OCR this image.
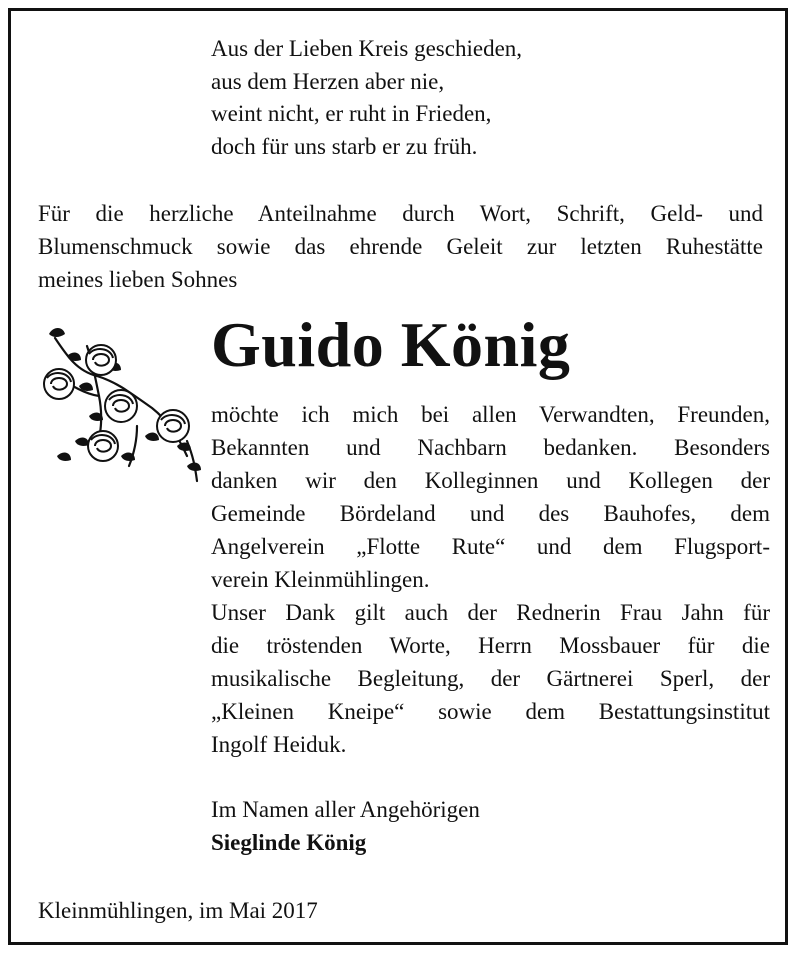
Aus der Lieben Kreis geschieden,
aus dem Herzen aber nie,
weint nicht, er ruht in Frieden,
doch für uns starb er zu früh.
Für die herzliche Anteilnahme durch Wort, Schrift, Geld- und
Blumenschmuck sowie das ehrende Geleit zur letzten Ruhestätte
meines lieben Sohnes
Guido König
möchte ich mich bei allen Verwandten, Freunden,
Bekannten und Nachbarn bedanken. Besonders
danken wir den Kolleginnen und Kollegen der
Gemeinde Bördeland und des Bauhofes, dem
Angelverein „Flotte Rute“ und dem Flugsport-
verein Kleinmühlingen.
Unser Dank gilt auch der Rednerin Frau Jahn für
die tröstenden Worte, Herrn Mossbauer für die
musikalische Begleitung, der Gärtnerei Sperl, der
„Kleinen Kneipe“ sowie dem Bestattungsinstitut
Ingolf Heiduk.
Im Namen aller Angehörigen
Sieglinde König
Kleinmühlingen, im Mai 2017
